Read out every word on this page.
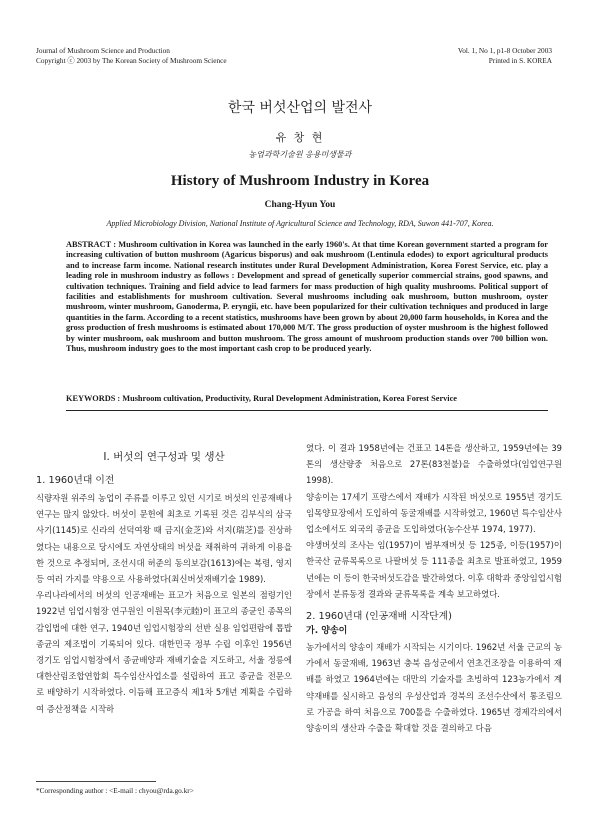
Journal of Mushroom Science and Production
Copyright ⓒ 2003 by The Korean Society of Mushroom Science
Vol. 1, No 1, p1-8 October 2003
Printed in S. KOREA
한국 버섯산업의 발전사
유 창 현
농업과학기술원 응용미생물과
History of Mushroom Industry in Korea
Chang-Hyun You
Applied Microbiology Division, National Institute of Agricultural Science and Technology, RDA, Suwon 441-707, Korea.
ABSTRACT : Mushroom cultivation in Korea was launched in the early 1960's. At that time Korean government started a program for increasing cultivation of button mushroom (Agaricus bisporus) and oak mushroom (Lentinula edodes) to export agricultural products and to increase farm income. National research institutes under Rural Development Administration, Korea Forest Service, etc. play a leading role in mushroom industry as follows : Development and spread of genetically superior commercial strains, good spawns, and cultivation techniques. Training and field advice to lead farmers for mass production of high quality mushrooms. Political support of facilities and establishments for mushroom cultivation. Several mushrooms including oak mushroom, button mushroom, oyster mushroom, winter mushroom, Ganoderma, P. eryngii, etc. have been popularized for their cultivation techniques and produced in large quantities in the farm. According to a recent statistics, mushrooms have been grown by about 20,000 farm households, in Korea and the gross production of fresh mushrooms is estimated about 170,000 M/T. The gross production of oyster mushroom is the highest followed by winter mushroom, oak mushroom and button mushroom. The gross amount of mushroom production stands over 700 billion won. Thus, mushroom industry goes to the most important cash crop to be produced yearly.
KEYWORDS : Mushroom cultivation, Productivity, Rural Development Administration, Korea Forest Service
Ⅰ. 버섯의 연구성과 및 생산
1. 1960년대 이전

식량자원 위주의 농업이 주류를 이루고 있던 시기로 버섯의 인공재배나 연구는 많지 않았다. 버섯이 문헌에 최초로 기록된 것은 김부식의 삼국사기(1145)로 신라의 선덕여왕 때 금지(金芝)와 서지(瑞芝)를 진상하였다는 내용으로 당시에도 자연상태의 버섯을 채취하여 귀하게 이용을 한 것으로 추정되며, 조선시대 허준의 동의보감(1613)에는 복령, 영지 등 여러 가지를 약용으로 사용하였다(최신버섯재배기술 1989).

우리나라에서의 버섯의 인공재배는 표고가 처음으로 일본의 점령기인 1922년 임업시험장 연구원인 이원목(李元睦)이 표고의 종균인 종목의 감입법에 대한 연구, 1940년 임업시험장의 선반 실용 임업편람에 톱밥종균의 제조법이 기록되어 있다. 대한민국 정부 수립 이후인 1956년 경기도 임업시험장에서 종균배양과 재배기술을 지도하고, 서울 정릉에 대한산림조합연합회 특수임산사업소를 설립하여 표고 종균을 전문으로 배양하기 시작하였다. 이듬해 표고증식 제1차 5개년 계획을 수립하여 증산정책을 시작하

였다. 이 결과 1958년에는 건표고 14톤을 생산하고, 1959년에는 39톤의 생산량중 처음으로 27톤(83천불)을 수출하였다(임업연구원 1998).

양송이는 17세기 프랑스에서 재배가 시작된 버섯으로 1955년 경기도 임목양묘장에서 도입하여 동굴재배를 시작하였고, 1960년 특수임산사업소에서도 외국의 종균을 도입하였다(농수산부 1974, 1977).

야생버섯의 조사는 임(1957)이 범부재버섯 등 125종, 이등(1957)이 한국산 균류목록으로 나팔버섯 등 111종을 최초로 발표하였고, 1959년에는 이 등이 한국버섯도감을 발간하였다. 이후 대학과 중앙임업시험장에서 분류동정 결과와 균류목록을 계속 보고하였다.

2. 1960년대 (인공재배 시작단계)
가. 양송이

농가에서의 양송이 재배가 시작되는 시기이다. 1962년 서울 근교의 농가에서 동굴재배, 1963년 충북 음성군에서 연초건조장을 이용하여 재배를 하였고 1964년에는 대만의 기술자를 초빙하여 123농가에서 계약재배를 실시하고 음성의 우성산업과 경북의 조선수산에서 통조림으로 가공을 하여 처음으로 700톨을 수출하였다. 1965년 경제각의에서 양송이의 생산과 수출을 확대할 것을 결의하고 다음

*Corresponding author : <E-mail : chyou@rda.go.kr>
